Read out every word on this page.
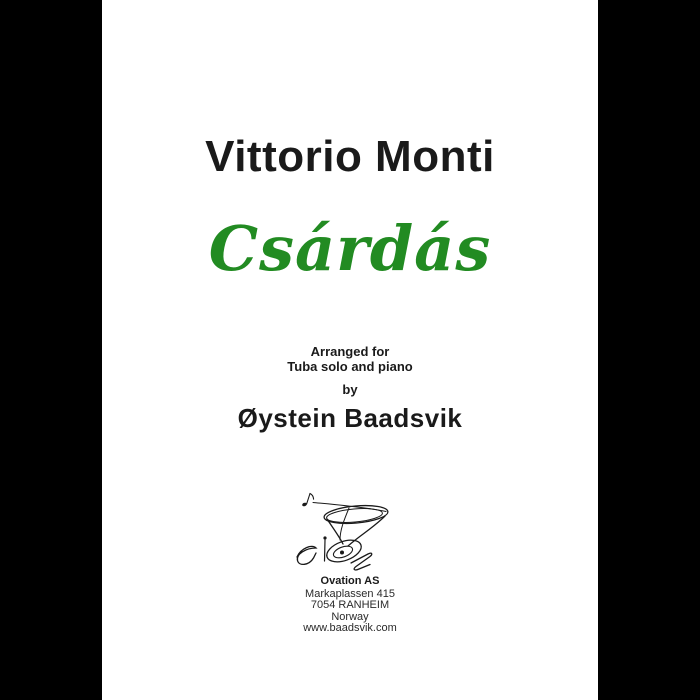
Vittorio Monti
Csárdás
Arranged for
Tuba solo and piano
by
Øystein Baadsvik
Ovation AS
Markaplassen 415
7054 RANHEIM
Norway
www.baadsvik.com
